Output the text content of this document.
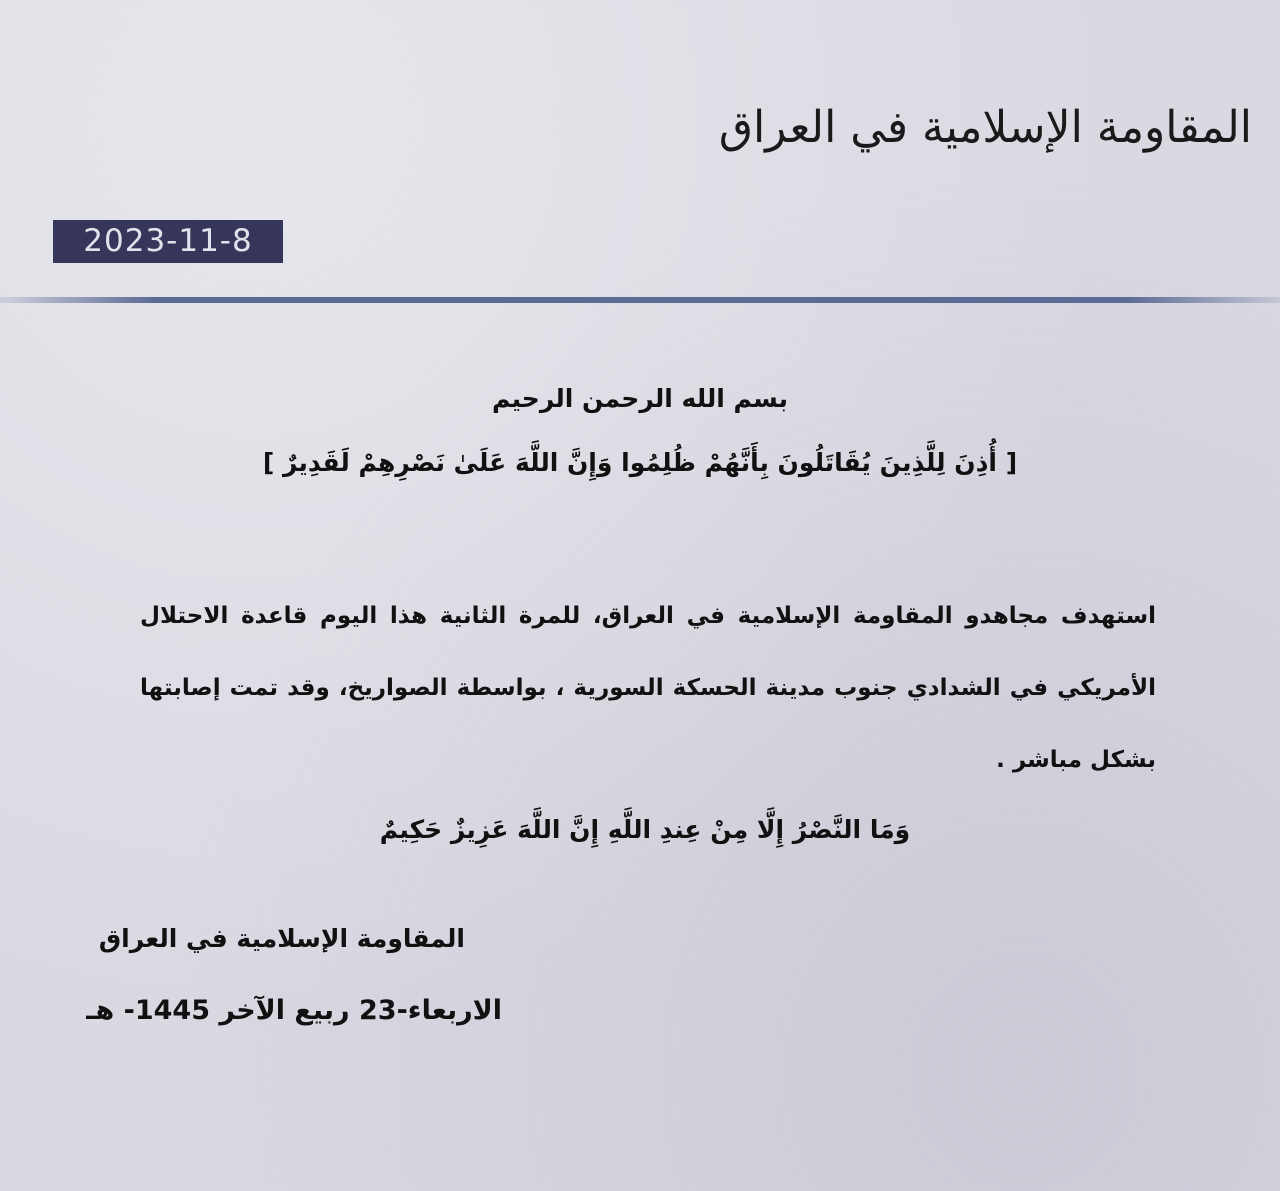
المقاومة الإسلامية في العراق
2023-11-8
بسم الله الرحمن الرحيم
[ أُذِنَ لِلَّذِينَ يُقَاتَلُونَ بِأَنَّهُمْ ظُلِمُوا وَإِنَّ اللَّهَ عَلَىٰ نَصْرِهِمْ لَقَدِيرٌ ]
استهدف مجاهدو المقاومة الإسلامية في العراق، للمرة الثانية هذا اليوم قاعدة الاحتلال الأمريكي في الشدادي جنوب مدينة الحسكة السورية ، بواسطة الصواريخ، وقد تمت إصابتها بشكل مباشر .
وَمَا النَّصْرُ إِلَّا مِنْ عِندِ اللَّهِ إِنَّ اللَّهَ عَزِيزٌ حَكِيمٌ
المقاومة الإسلامية في العراق
الاربعاء-23 ربيع الآخر 1445- هـ
